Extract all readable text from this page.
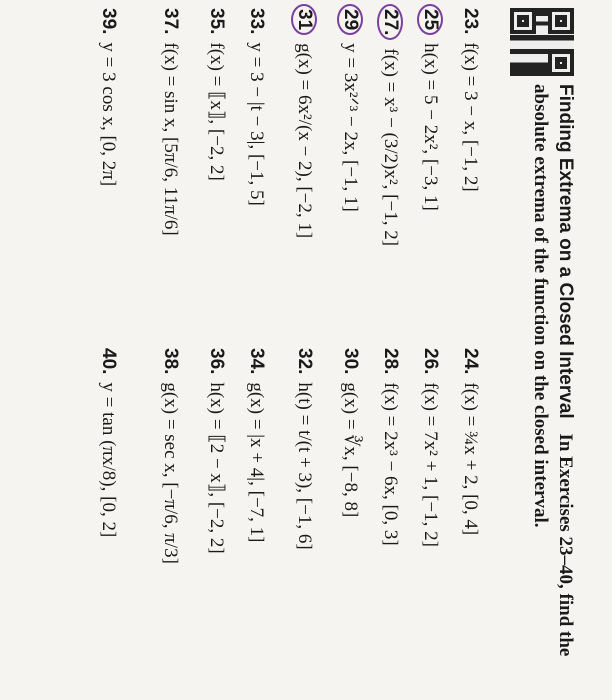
Finding Extrema on a Closed Interval In Exercises 23–40, find the absolute extrema of the function on the closed interval.
23.f(x) = 3 − x, [−1, 2]
24.f(x) = ¾x + 2, [0, 4]
25h(x) = 5 − 2x², [−3, 1]
26.f(x) = 7x² + 1, [−1, 2]
27.f(x) = x³ − (3/2)x², [−1, 2]
28.f(x) = 2x³ − 6x, [0, 3]
29y = 3x²ᐟ³ − 2x, [−1, 1]
30.g(x) = ∛x, [−8, 8]
31g(x) = 6x²/(x − 2), [−2, 1]
32.h(t) = t/(t + 3), [−1, 6]
33.y = 3 − |t − 3|, [−1, 5]
34.g(x) = |x + 4|, [−7, 1]
35.f(x) = ⟦x⟧, [−2, 2]
36.h(x) = ⟦2 − x⟧, [−2, 2]
37.f(x) = sin x, [5π/6, 11π/6]
38.g(x) = sec x, [−π/6, π/3]
39.y = 3 cos x, [0, 2π]
40.y = tan (πx/8), [0, 2]
